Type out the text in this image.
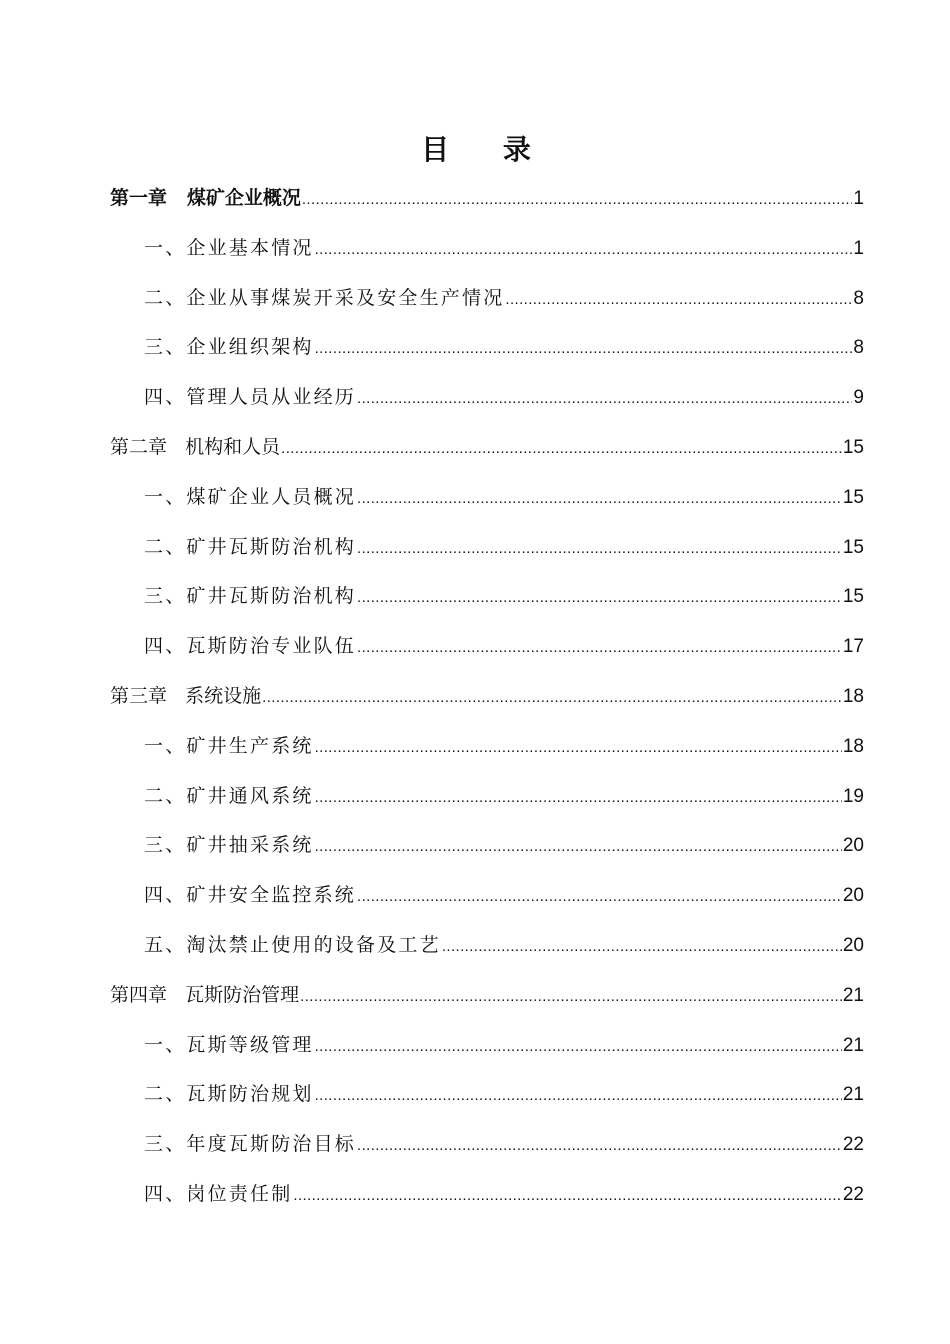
目 录
第一章   煤矿企业概况 .....	1
一、企业基本情况 .....	1
二、企业从事煤炭开采及安全生产情况 .....	8
三、企业组织架构 .....	8
四、管理人员从业经历 .....	9
第二章   机构和人员 .....	15
一、煤矿企业人员概况 .....	15
二、矿井瓦斯防治机构 .....	15
三、矿井瓦斯防治机构 .....	15
四、瓦斯防治专业队伍 .....	17
第三章   系统设施 .....	18
一、矿井生产系统 .....	18
二、矿井通风系统 .....	19
三、矿井抽采系统 .....	20
四、矿井安全监控系统 .....	20
五、淘汰禁止使用的设备及工艺 .....	20
第四章   瓦斯防治管理 .....	21
一、瓦斯等级管理 .....	21
二、瓦斯防治规划 .....	21
三、年度瓦斯防治目标 .....	22
四、岗位责任制 .....	22
